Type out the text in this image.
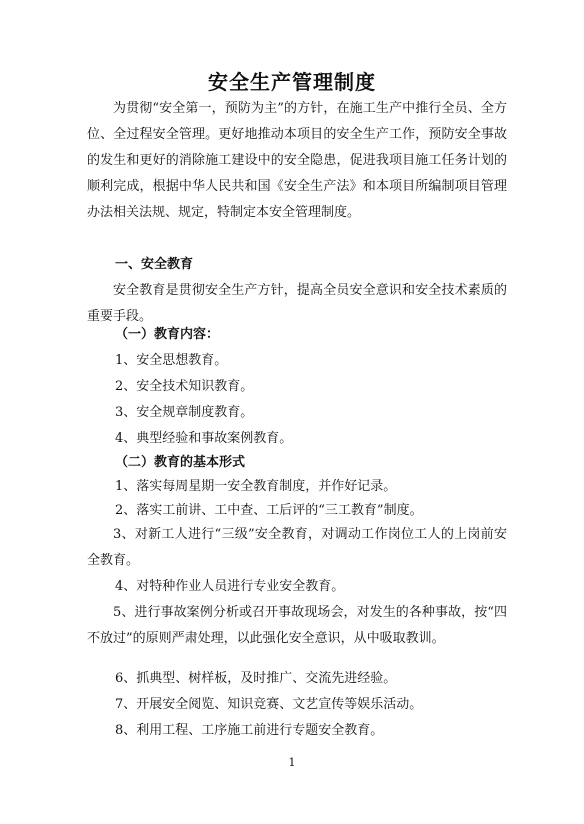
安全生产管理制度

为贯彻“安全第一，预防为主”的方针，在施工生产中推行全员、全方位、全过程安全管理。更好地推动本项目的安全生产工作，预防安全事故的发生和更好的消除施工建设中的安全隐患，促进我项目施工任务计划的顺利完成，根据中华人民共和国《安全生产法》和本项目所编制项目管理办法相关法规、规定，特制定本安全管理制度。

一、安全教育

安全教育是贯彻安全生产方针，提高全员安全意识和安全技术素质的重要手段。

（一）教育内容：

1、安全思想教育。

2、安全技术知识教育。

3、安全规章制度教育。

4、典型经验和事故案例教育。

（二）教育的基本形式

1、落实每周星期一安全教育制度，并作好记录。

2、落实工前讲、工中查、工后评的“三工教育”制度。

3、对新工人进行“三级”安全教育，对调动工作岗位工人的上岗前安全教育。

4、对特种作业人员进行专业安全教育。

5、进行事故案例分析或召开事故现场会，对发生的各种事故，按“四不放过”的原则严肃处理，以此强化安全意识，从中吸取教训。

6、抓典型、树样板，及时推广、交流先进经验。

7、开展安全阅览、知识竞赛、文艺宣传等娱乐活动。

8、利用工程、工序施工前进行专题安全教育。

1
